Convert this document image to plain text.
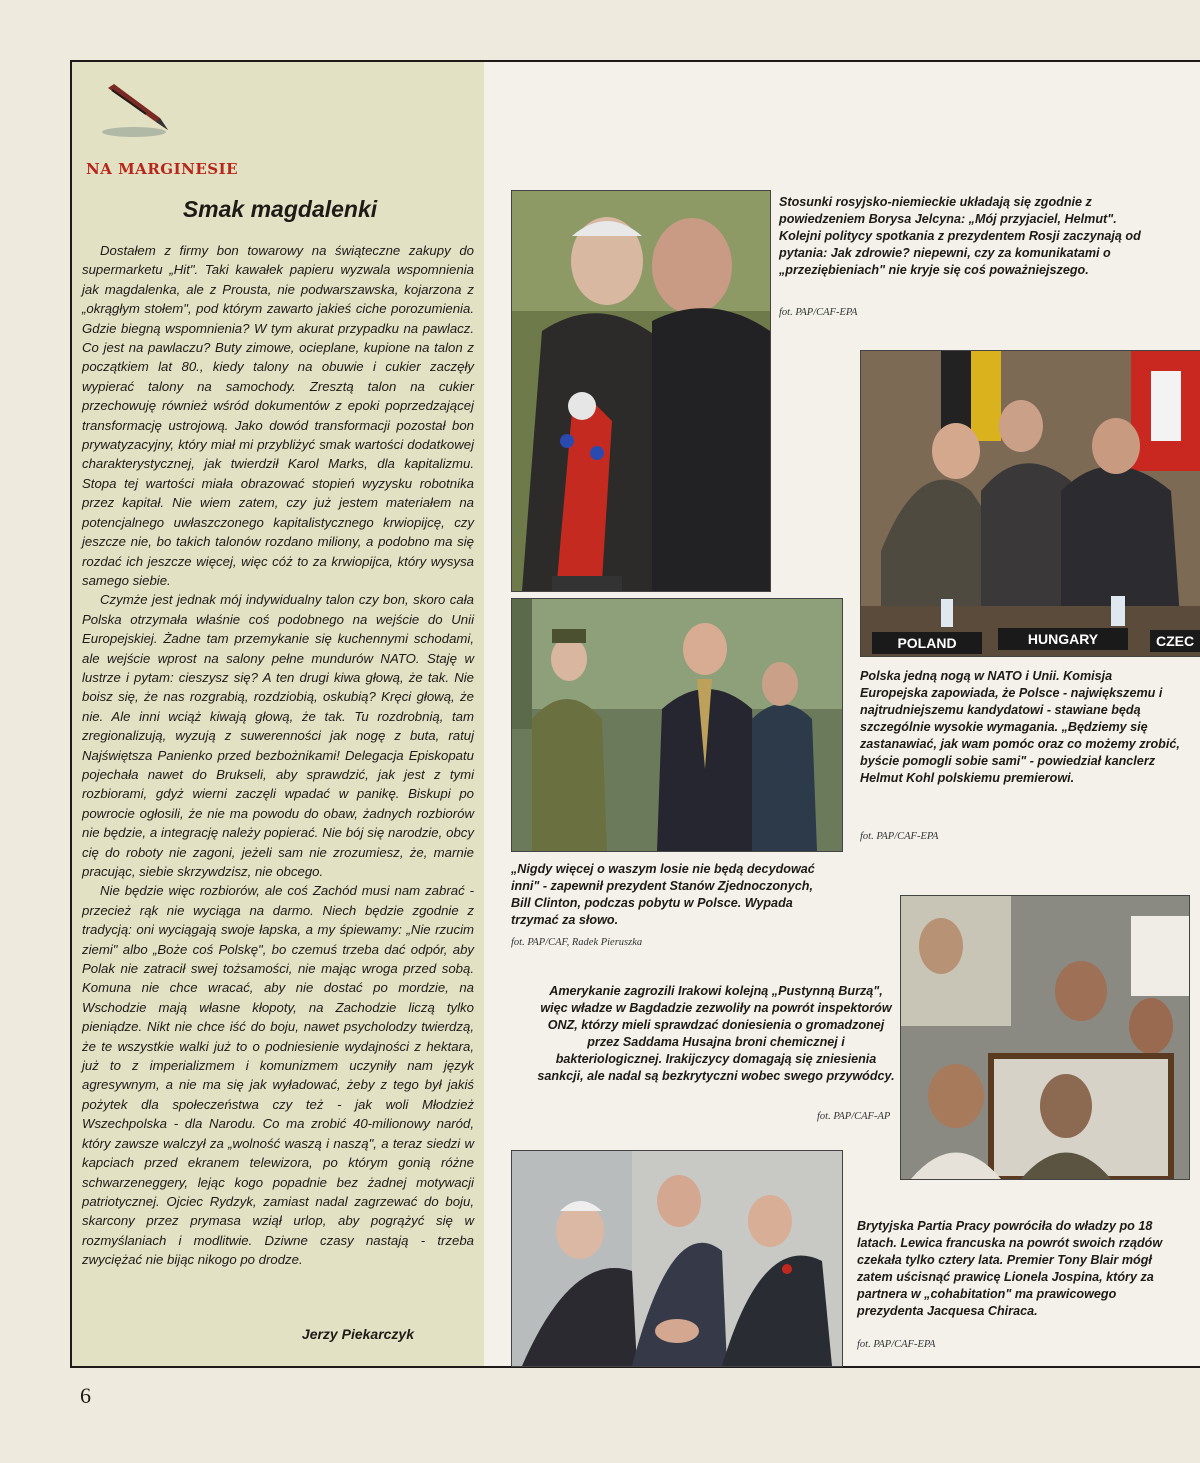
NA MARGINESIE
Smak magdalenki

Dostałem z firmy bon towarowy na świąteczne zakupy do supermarketu „Hit". Taki kawałek papieru wyzwala wspomnienia jak magdalenka, ale z Prousta, nie podwarszawska, kojarzona z „okrągłym stołem", pod którym zawarto jakieś ciche porozumienia. Gdzie biegną wspomnienia? W tym akurat przypadku na pawlacz. Co jest na pawlaczu? Buty zimowe, ocieplane, kupione na talon z początkiem lat 80., kiedy talony na obuwie i cukier zaczęły wypierać talony na samochody. Zresztą talon na cukier przechowuję również wśród dokumentów z epoki poprzedzającej transformację ustrojową. Jako dowód transformacji pozostał bon prywatyzacyjny, który miał mi przybliżyć smak wartości dodatkowej charakterystycznej, jak twierdził Karol Marks, dla kapitalizmu. Stopa tej wartości miała obrazować stopień wyzysku robotnika przez kapitał. Nie wiem zatem, czy już jestem materiałem na potencjalnego uwłaszczonego kapitalistycznego krwiopijcę, czy jeszcze nie, bo takich talonów rozdano miliony, a podobno ma się rozdać ich jeszcze więcej, więc cóż to za krwiopijca, który wysysa samego siebie.

Czymże jest jednak mój indywidualny talon czy bon, skoro cała Polska otrzymała właśnie coś podobnego na wejście do Unii Europejskiej. Żadne tam przemykanie się kuchennymi schodami, ale wejście wprost na salony pełne mundurów NATO. Staję w lustrze i pytam: cieszysz się? A ten drugi kiwa głową, że tak. Nie boisz się, że nas rozgrabią, rozdziobią, oskubią? Kręci głową, że nie. Ale inni wciąż kiwają głową, że tak. Tu rozdrobnią, tam zregionalizują, wyzują z suwerenności jak nogę z buta, ratuj Najświętsza Panienko przed bezbożnikami! Delegacja Episkopatu pojechała nawet do Brukseli, aby sprawdzić, jak jest z tymi rozbiorami, gdyż wierni zaczęli wpadać w panikę. Biskupi po powrocie ogłosili, że nie ma powodu do obaw, żadnych rozbiorów nie będzie, a integrację należy popierać. Nie bój się narodzie, obcy cię do roboty nie zagoni, jeżeli sam nie zrozumiesz, że, marnie pracując, siebie skrzywdzisz, nie obcego.

Nie będzie więc rozbiorów, ale coś Zachód musi nam zabrać - przecież rąk nie wyciąga na darmo. Niech będzie zgodnie z tradycją: oni wyciągają swoje łapska, a my śpiewamy: „Nie rzucim ziemi" albo „Boże coś Polskę", bo czemuś trzeba dać odpór, aby Polak nie zatracił swej tożsamości, nie mając wroga przed sobą. Komuna nie chce wracać, aby nie dostać po mordzie, na Wschodzie mają własne kłopoty, na Zachodzie liczą tylko pieniądze. Nikt nie chce iść do boju, nawet psycholodzy twierdzą, że te wszystkie walki już to o podniesienie wydajności z hektara, już to z imperializmem i komunizmem uczyniły nam język agresywnym, a nie ma się jak wyładować, żeby z tego był jakiś pożytek dla społeczeństwa czy też - jak woli Młodzież Wszechpolska - dla Narodu. Co ma zrobić 40-milionowy naród, który zawsze walczył za „wolność waszą i naszą", a teraz siedzi w kapciach przed ekranem telewizora, po którym gonią różne schwarzeneggery, lejąc kogo popadnie bez żadnej motywacji patriotycznej. Ojciec Rydzyk, zamiast nadal zagrzewać do boju, skarcony przez prymasa wziął urlop, aby pogrążyć się w rozmyślaniach i modlitwie. Dziwne czasy nastają - trzeba zwyciężać nie bijąc nikogo po drodze.

Jerzy Piekarczyk
Stosunki rosyjsko-niemieckie układają się zgodnie z powiedzeniem Borysa Jelcyna: „Mój przyjaciel, Helmut". Kolejni politycy spotkania z prezydentem Rosji zaczynają od pytania: Jak zdrowie? niepewni, czy za komunikatami o „przeziębieniach" nie kryje się coś poważniejszego.
fot. PAP/CAF-EPA
POLAND	HUNGARY	CZEC
Polska jedną nogą w NATO i Unii. Komisja Europejska zapowiada, że Polsce - największemu i najtrudniejszemu kandydatowi - stawiane będą szczególnie wysokie wymagania. „Będziemy się zastanawiać, jak wam pomóc oraz co możemy zrobić, byście pomogli sobie sami" - powiedział kanclerz Helmut Kohl polskiemu premierowi.
fot. PAP/CAF-EPA
„Nigdy więcej o waszym losie nie będą decydować inni" - zapewnił prezydent Stanów Zjednoczonych, Bill Clinton, podczas pobytu w Polsce. Wypada trzymać za słowo.
fot. PAP/CAF, Radek Pieruszka
Amerykanie zagrozili Irakowi kolejną „Pustynną Burzą", więc władze w Bagdadzie zezwoliły na powrót inspektorów ONZ, którzy mieli sprawdzać doniesienia o gromadzonej przez Saddama Husajna broni chemicznej i bakteriologicznej. Irakijczycy domagają się zniesienia sankcji, ale nadal są bezkrytyczni wobec swego przywódcy.
fot. PAP/CAF-AP
Brytyjska Partia Pracy powróciła do władzy po 18 latach. Lewica francuska na powrót swoich rządów czekała tylko cztery lata. Premier Tony Blair mógł zatem uścisnąć prawicę Lionela Jospina, który za partnera w „cohabitation" ma prawicowego prezydenta Jacquesa Chiraca.
fot. PAP/CAF-EPA
6
